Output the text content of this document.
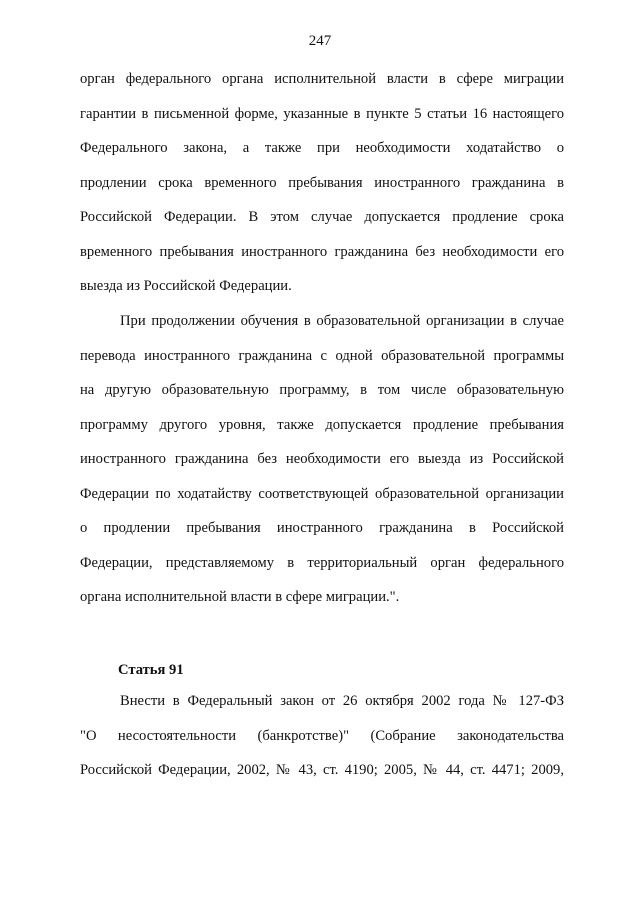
247
орган федерального органа исполнительной власти в сфере миграции
гарантии в письменной форме, указанные в пункте 5 статьи 16 настоящего
Федерального закона, а также при необходимости ходатайство о
продлении срока временного пребывания иностранного гражданина в
Российской Федерации. В этом случае допускается продление срока
временного пребывания иностранного гражданина без необходимости его
выезда из Российской Федерации.
При продолжении обучения в образовательной организации в случае
перевода иностранного гражданина с одной образовательной программы
на другую образовательную программу, в том числе образовательную
программу другого уровня, также допускается продление пребывания
иностранного гражданина без необходимости его выезда из Российской
Федерации по ходатайству соответствующей образовательной организации
о продлении пребывания иностранного гражданина в Российской
Федерации, представляемому в территориальный орган федерального
органа исполнительной власти в сфере миграции.".
Статья 91
Внести в Федеральный закон от 26 октября 2002 года № 127-ФЗ
"О несостоятельности (банкротстве)" (Собрание законодательства
Российской Федерации, 2002, № 43, ст. 4190; 2005, № 44, ст. 4471; 2009,
